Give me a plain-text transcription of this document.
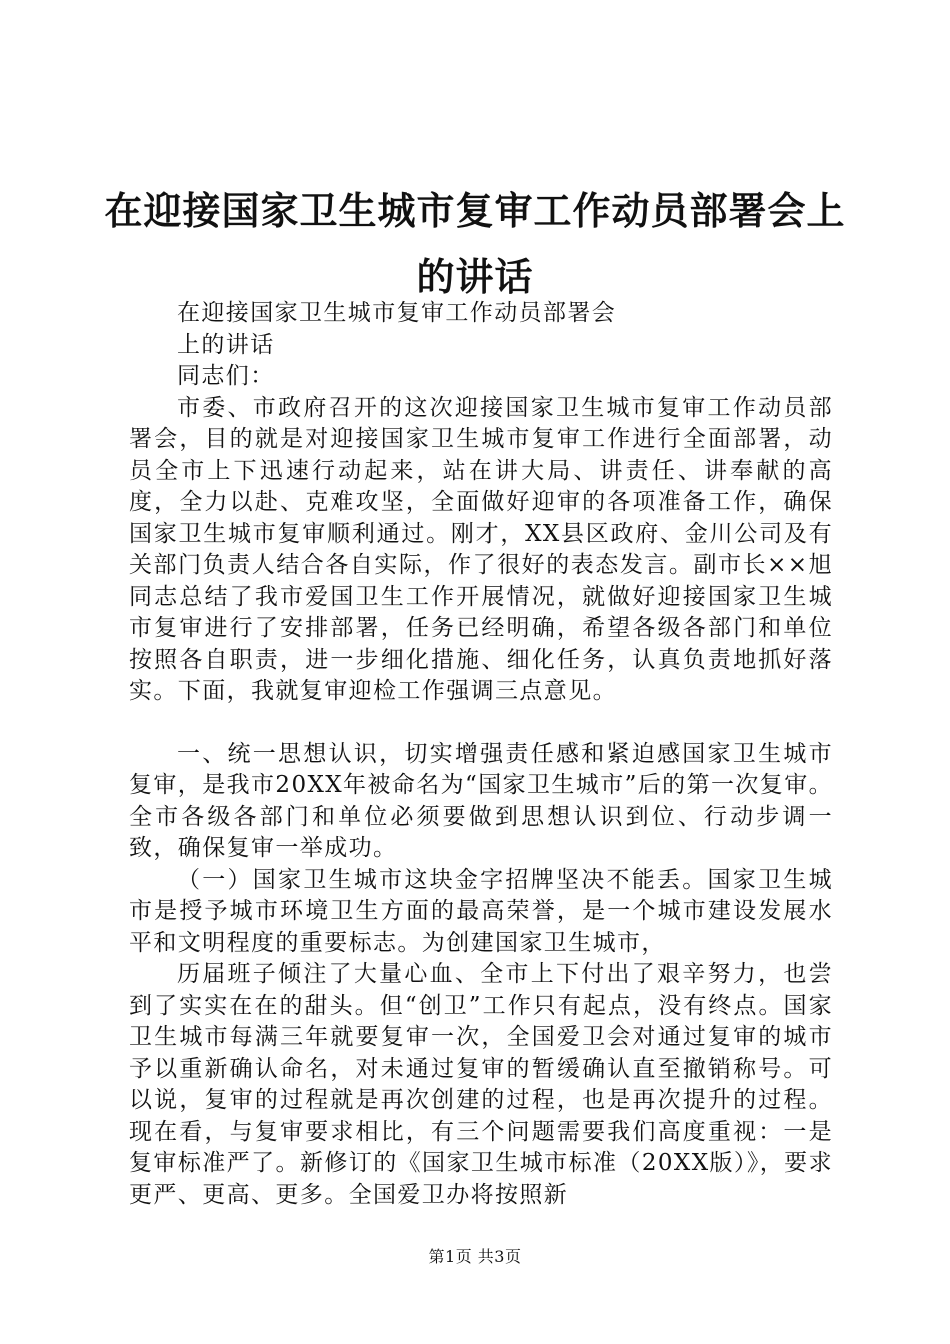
在迎接国家卫生城市复审工作动员部署会上的讲话

在迎接国家卫生城市复审工作动员部署会

上的讲话

同志们：

市委、市政府召开的这次迎接国家卫生城市复审工作动员部署会，目的就是对迎接国家卫生城市复审工作进行全面部署，动员全市上下迅速行动起来，站在讲大局、讲责任、讲奉献的高度，全力以赴、克难攻坚，全面做好迎审的各项准备工作，确保国家卫生城市复审顺利通过。刚才，XX县区政府、金川公司及有关部门负责人结合各自实际，作了很好的表态发言。副市长××旭同志总结了我市爱国卫生工作开展情况，就做好迎接国家卫生城市复审进行了安排部署，任务已经明确，希望各级各部门和单位按照各自职责，进一步细化措施、细化任务，认真负责地抓好落实。下面，我就复审迎检工作强调三点意见。

一、统一思想认识，切实增强责任感和紧迫感国家卫生城市复审，是我市20XX年被命名为“国家卫生城市”后的第一次复审。全市各级各部门和单位必须要做到思想认识到位、行动步调一致，确保复审一举成功。

（一）国家卫生城市这块金字招牌坚决不能丢。国家卫生城市是授予城市环境卫生方面的最高荣誉，是一个城市建设发展水平和文明程度的重要标志。为创建国家卫生城市，

历届班子倾注了大量心血、全市上下付出了艰辛努力，也尝到了实实在在的甜头。但“创卫”工作只有起点，没有终点。国家卫生城市每满三年就要复审一次，全国爱卫会对通过复审的城市予以重新确认命名，对未通过复审的暂缓确认直至撤销称号。可以说，复审的过程就是再次创建的过程，也是再次提升的过程。现在看，与复审要求相比，有三个问题需要我们高度重视：一是复审标准严了。新修订的《国家卫生城市标准（20XX版）》，要求更严、更高、更多。全国爱卫办将按照新

第1页 共3页
